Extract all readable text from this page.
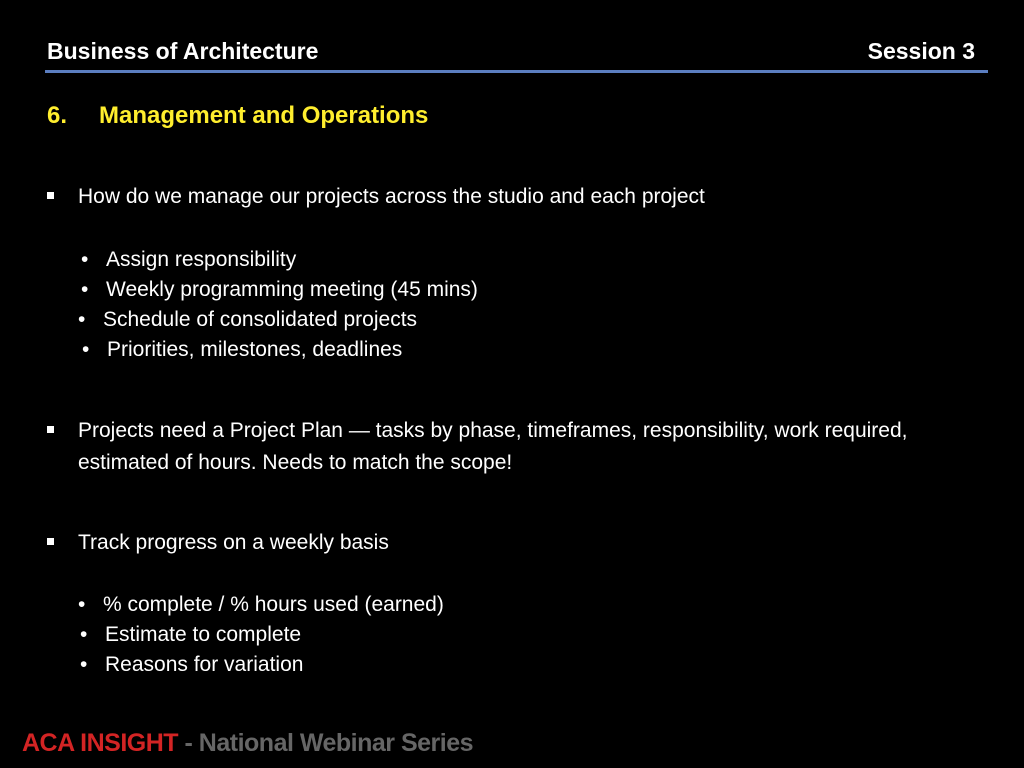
Business of Architecture	Session 3
6. Management and Operations
How do we manage our projects across the studio and each project
• Assign responsibility
• Weekly programming meeting (45 mins)
• Schedule of consolidated projects
• Priorities, milestones, deadlines
Projects need a Project Plan — tasks by phase, timeframes, responsibility, work required, estimated of hours. Needs to match the scope!
Track progress on a weekly basis
• % complete / % hours used (earned)
• Estimate to complete
• Reasons for variation
ACA INSIGHT - National Webinar Series
